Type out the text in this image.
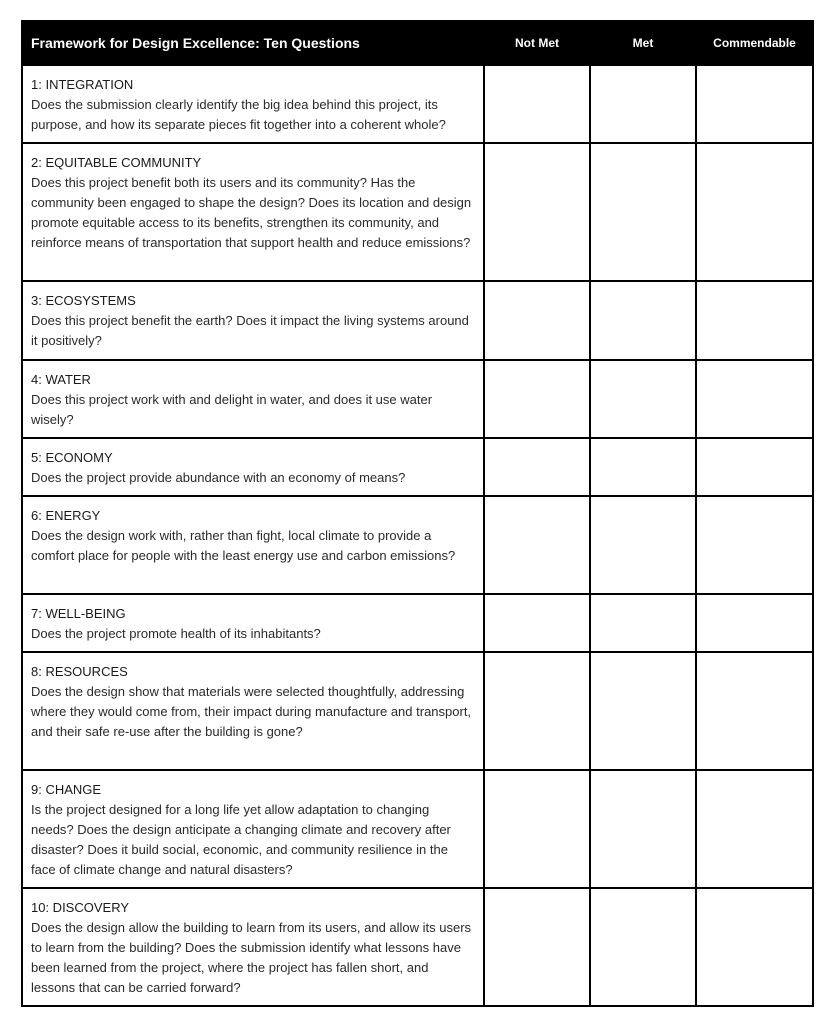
Framework for Design Excellence: Ten Questions	Not Met	Met	Commendable

1: INTEGRATION
Does the submission clearly identify the big idea behind this project, its purpose, and how its separate pieces fit together into a coherent whole?			

2: EQUITABLE COMMUNITY
Does this project benefit both its users and its community? Has the community been engaged to shape the design? Does its location and design promote equitable access to its benefits, strengthen its community, and reinforce means of transportation that support health and reduce emissions?			

3: ECOSYSTEMS
Does this project benefit the earth? Does it impact the living systems around it positively?			

4: WATER
Does this project work with and delight in water, and does it use water wisely?			

5: ECONOMY
Does the project provide abundance with an economy of means?			

6: ENERGY
Does the design work with, rather than fight, local climate to provide a comfort place for people with the least energy use and carbon emissions?			

7: WELL-BEING
Does the project promote health of its inhabitants?			

8: RESOURCES
Does the design show that materials were selected thoughtfully, addressing where they would come from, their impact during manufacture and transport, and their safe re-use after the building is gone?			

9: CHANGE
Is the project designed for a long life yet allow adaptation to changing needs? Does the design anticipate a changing climate and recovery after disaster? Does it build social, economic, and community resilience in the face of climate change and natural disasters?			

10: DISCOVERY
Does the design allow the building to learn from its users, and allow its users to learn from the building? Does the submission identify what lessons have been learned from the project, where the project has fallen short, and lessons that can be carried forward?			
